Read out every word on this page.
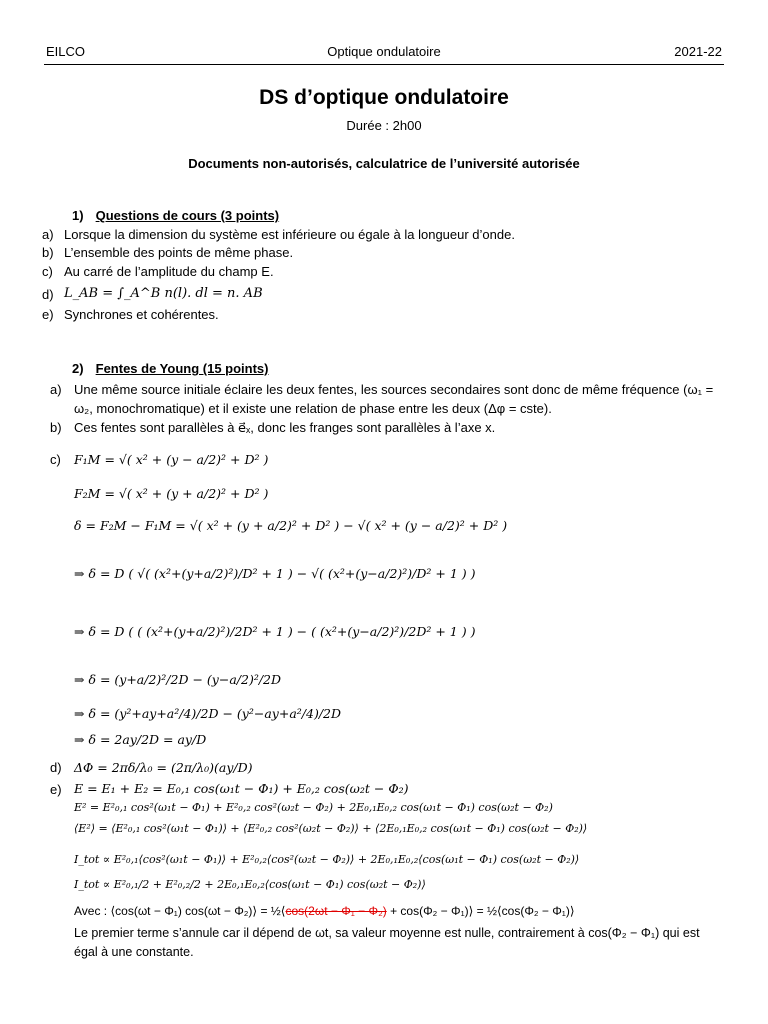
EILCO	Optique ondulatoire	2021-22
DS d’optique ondulatoire
Durée : 2h00
Documents non-autorisés, calculatrice de l’université autorisée
1) Questions de cours (3 points)
a) Lorsque la dimension du système est inférieure ou égale à la longueur d’onde.
b) L’ensemble des points de même phase.
c) Au carré de l’amplitude du champ E.
d) L_AB = ∫_A^B n(l). dl = n. AB
e) Synchrones et cohérentes.
2) Fentes de Young (15 points)
a) Une même source initiale éclaire les deux fentes, les sources secondaires sont donc de même fréquence (ω₁ =
ω₂, monochromatique) et il existe une relation de phase entre les deux (Δφ = cste).
b) Ces fentes sont parallèles à e⃗ₓ, donc les franges sont parallèles à l’axe x.
c) F₁M = √( x² + (y − a/2)² + D² )
F₂M = √( x² + (y + a/2)² + D² )
δ = F₂M − F₁M = √( x² + (y + a/2)² + D² ) − √( x² + (y − a/2)² + D² )
⇒ δ = D ( √( (x²+(y+a/2)²)/D² + 1 ) − √( (x²+(y−a/2)²)/D² + 1 ) )
⇒ δ = D ( ( (x²+(y+a/2)²)/2D² + 1 ) − ( (x²+(y−a/2)²)/2D² + 1 ) )
⇒ δ = (y+a/2)²/2D − (y−a/2)²/2D
⇒ δ = (y²+ay+a²/4)/2D − (y²−ay+a²/4)/2D
⇒ δ = 2ay/2D = ay/D
d) ΔΦ = 2πδ/λ₀ = (2π/λ₀)(ay/D)
e) E = E₁ + E₂ = E₀,₁ cos(ω₁t − Φ₁) + E₀,₂ cos(ω₂t − Φ₂)
E² = E²₀,₁ cos²(ω₁t − Φ₁) + E²₀,₂ cos²(ω₂t − Φ₂) + 2E₀,₁E₀,₂ cos(ω₁t − Φ₁) cos(ω₂t − Φ₂)
⟨E²⟩ = ⟨E²₀,₁ cos²(ω₁t − Φ₁)⟩ + ⟨E²₀,₂ cos²(ω₂t − Φ₂)⟩ + ⟨2E₀,₁E₀,₂ cos(ω₁t − Φ₁) cos(ω₂t − Φ₂)⟩
I_tot ∝ E²₀,₁⟨cos²(ω₁t − Φ₁)⟩ + E²₀,₂⟨cos²(ω₂t − Φ₂)⟩ + 2E₀,₁E₀,₂⟨cos(ω₁t − Φ₁) cos(ω₂t − Φ₂)⟩
I_tot ∝ E²₀,₁/2 + E²₀,₂/2 + 2E₀,₁E₀,₂⟨cos(ω₁t − Φ₁) cos(ω₂t − Φ₂)⟩
Avec : ⟨cos(ωt − Φ₁) cos(ωt − Φ₂)⟩ = ½⟨cos(2ωt − Φ₁ − Φ₂) + cos(Φ₂ − Φ₁)⟩ = ½⟨cos(Φ₂ − Φ₁)⟩
Le premier terme s’annule car il dépend de ωt, sa valeur moyenne est nulle, contrairement à cos(Φ₂ − Φ₁) qui est
égal à une constante.
